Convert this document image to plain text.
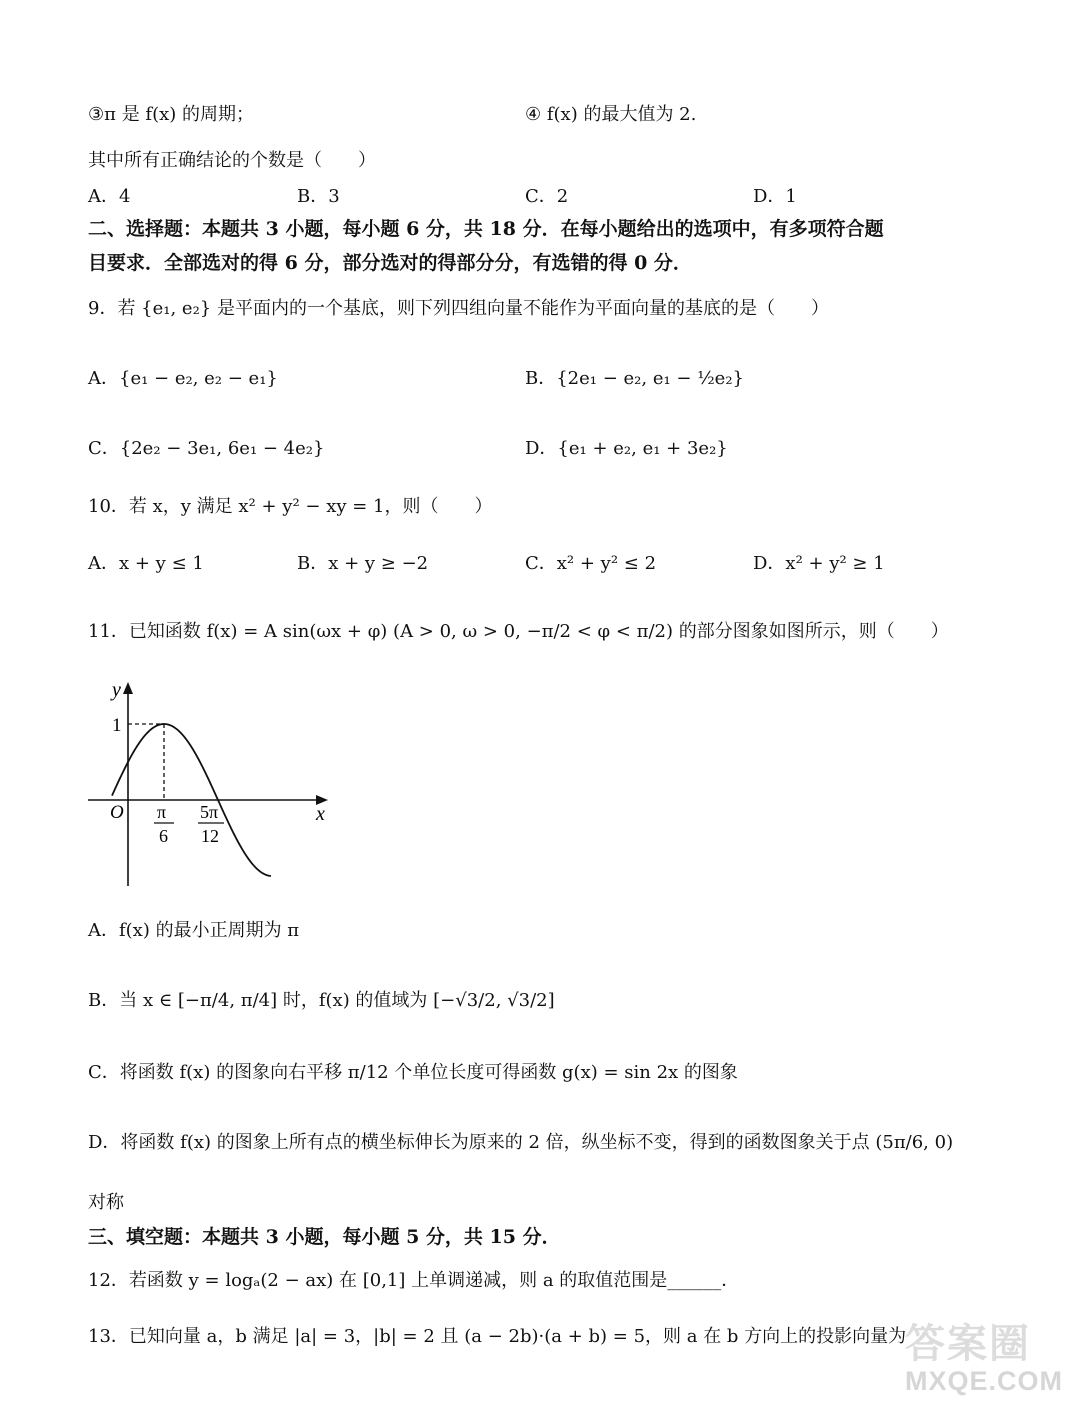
③π 是 f(x) 的周期；	④ f(x) 的最大值为 2.
其中所有正确结论的个数是（　　）
A．4	B．3	C．2	D．1
二、选择题：本题共 3 小题，每小题 6 分，共 18 分．在每小题给出的选项中，有多项符合题
目要求．全部选对的得 6 分，部分选对的得部分分，有选错的得 0 分．
9．若 {e₁, e₂} 是平面内的一个基底，则下列四组向量不能作为平面向量的基底的是（　　）
A．{e₁ − e₂, e₂ − e₁}	B．{2e₁ − e₂, e₁ − ½e₂}
C．{2e₂ − 3e₁, 6e₁ − 4e₂}	D．{e₁ + e₂, e₁ + 3e₂}
10．若 x，y 满足 x² + y² − xy = 1，则（　　）
A．x + y ≤ 1	B．x + y ≥ −2	C．x² + y² ≤ 2	D．x² + y² ≥ 1
11．已知函数 f(x) = A sin(ωx + φ) (A > 0, ω > 0, −π/2 < φ < π/2) 的部分图象如图所示，则（　　）
y
x
O
1
π
6
5π
12
A．f(x) 的最小正周期为 π
B．当 x ∈ [−π/4, π/4] 时，f(x) 的值域为 [−√3/2, √3/2]
C．将函数 f(x) 的图象向右平移 π/12 个单位长度可得函数 g(x) = sin 2x 的图象
D．将函数 f(x) 的图象上所有点的横坐标伸长为原来的 2 倍，纵坐标不变，得到的函数图象关于点 (5π/6, 0)
对称
三、填空题：本题共 3 小题，每小题 5 分，共 15 分．
12．若函数 y = logₐ(2 − ax) 在 [0,1] 上单调递减，则 a 的取值范围是______．
13．已知向量 a，b 满足 |a| = 3，|b| = 2 且 (a − 2b)·(a + b) = 5，则 a 在 b 方向上的投影向量为
答案圈
MXQE.COM
